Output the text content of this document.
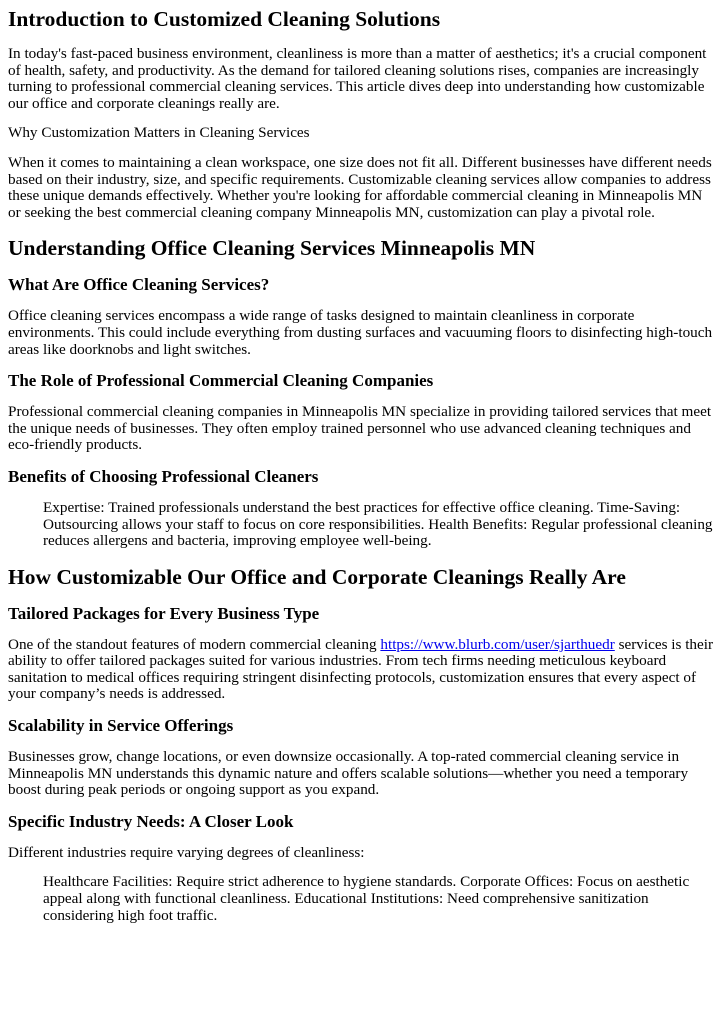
Introduction to Customized Cleaning Solutions

In today's fast-paced business environment, cleanliness is more than a matter of aesthetics; it's a crucial component of health, safety, and productivity. As the demand for tailored cleaning solutions rises, companies are increasingly turning to professional commercial cleaning services. This article dives deep into understanding how customizable our office and corporate cleanings really are.

Why Customization Matters in Cleaning Services

When it comes to maintaining a clean workspace, one size does not fit all. Different businesses have different needs based on their industry, size, and specific requirements. Customizable cleaning services allow companies to address these unique demands effectively. Whether you're looking for affordable commercial cleaning in Minneapolis MN or seeking the best commercial cleaning company Minneapolis MN, customization can play a pivotal role.

Understanding Office Cleaning Services Minneapolis MN
What Are Office Cleaning Services?

Office cleaning services encompass a wide range of tasks designed to maintain cleanliness in corporate environments. This could include everything from dusting surfaces and vacuuming floors to disinfecting high-touch areas like doorknobs and light switches.

The Role of Professional Commercial Cleaning Companies

Professional commercial cleaning companies in Minneapolis MN specialize in providing tailored services that meet the unique needs of businesses. They often employ trained personnel who use advanced cleaning techniques and eco-friendly products.

Benefits of Choosing Professional Cleaners

Expertise: Trained professionals understand the best practices for effective office cleaning. Time-Saving: Outsourcing allows your staff to focus on core responsibilities. Health Benefits: Regular professional cleaning reduces allergens and bacteria, improving employee well-being.

How Customizable Our Office and Corporate Cleanings Really Are
Tailored Packages for Every Business Type

One of the standout features of modern commercial cleaning https://www.blurb.com/user/sjarthuedr services is their ability to offer tailored packages suited for various industries. From tech firms needing meticulous keyboard sanitation to medical offices requiring stringent disinfecting protocols, customization ensures that every aspect of your company’s needs is addressed.

Scalability in Service Offerings

Businesses grow, change locations, or even downsize occasionally. A top-rated commercial cleaning service in Minneapolis MN understands this dynamic nature and offers scalable solutions—whether you need a temporary boost during peak periods or ongoing support as you expand.

Specific Industry Needs: A Closer Look

Different industries require varying degrees of cleanliness:

Healthcare Facilities: Require strict adherence to hygiene standards. Corporate Offices: Focus on aesthetic appeal along with functional cleanliness. Educational Institutions: Need comprehensive sanitization considering high foot traffic.
